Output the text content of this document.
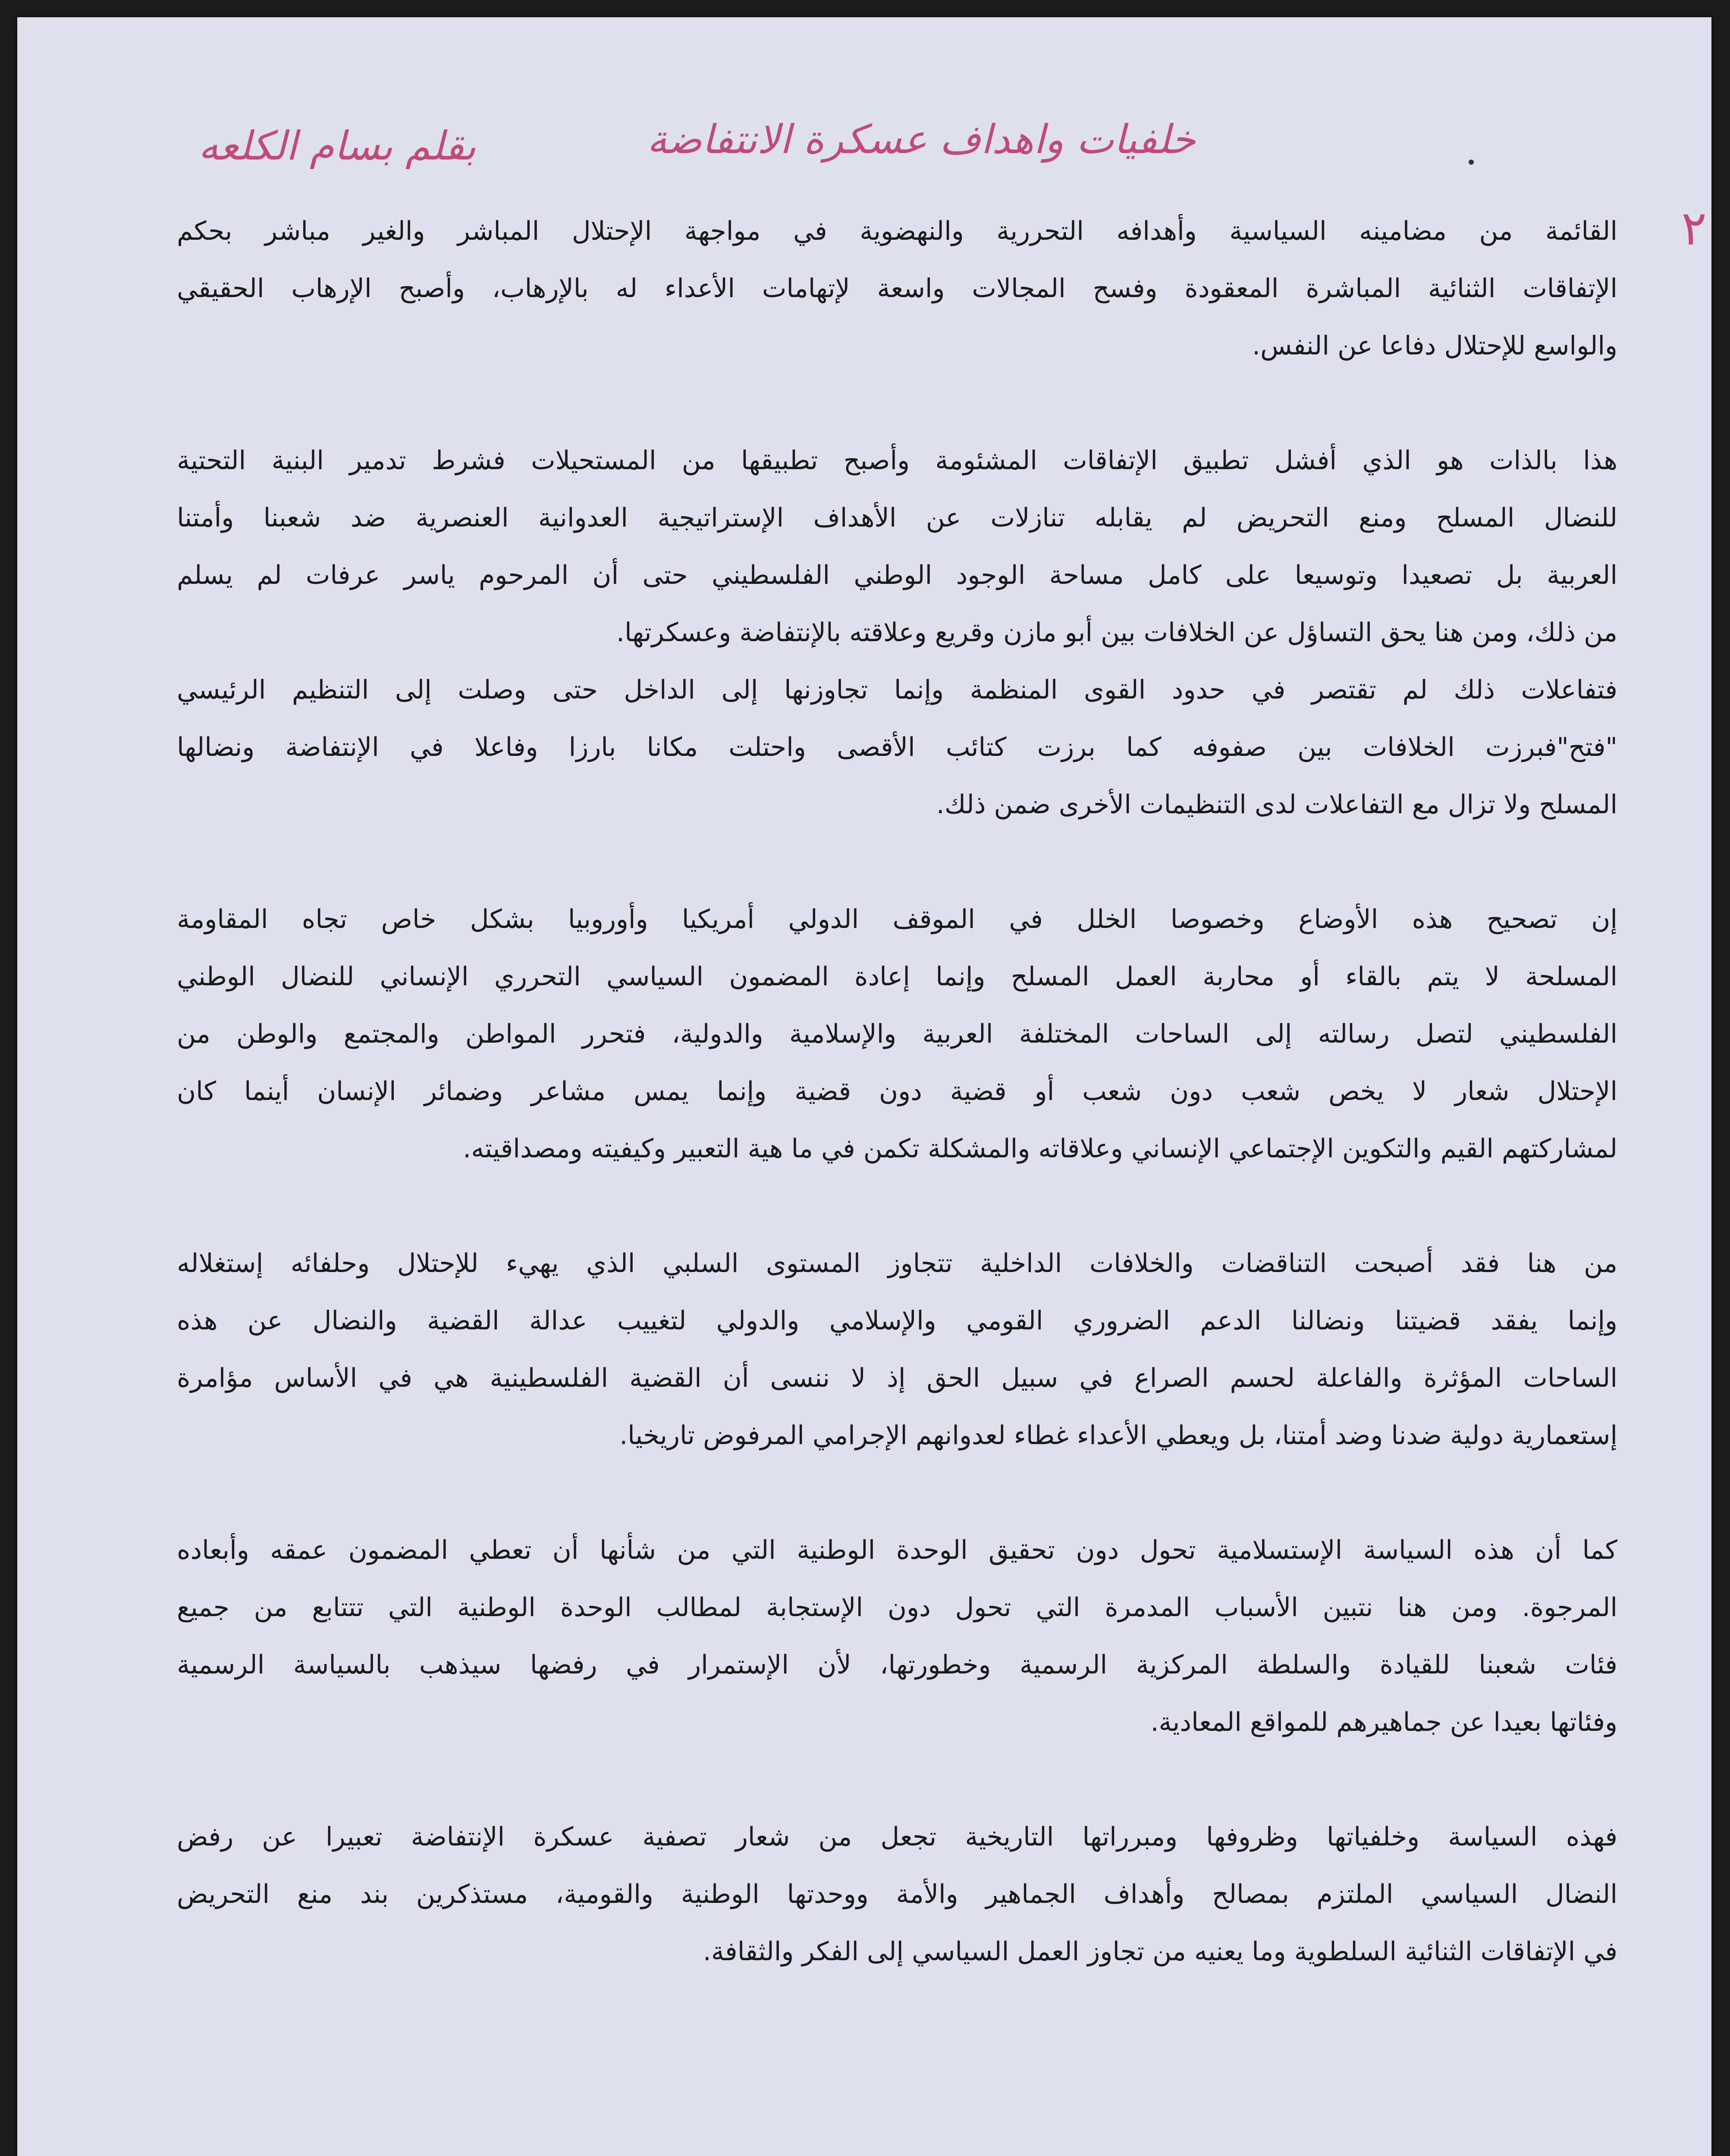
خلفيات واهداف عسكرة الانتفاضة
بقلم بسام الكلعه
٢
القائمة من مضامينه السياسية وأهدافه التحررية والنهضوية في مواجهة الإحتلال المباشر والغير مباشر بحكم
الإتفاقات الثنائية المباشرة المعقودة وفسح المجالات واسعة لإتهامات الأعداء له بالإرهاب، وأصبح الإرهاب الحقيقي
والواسع للإحتلال دفاعا عن النفس.
هذا بالذات هو الذي أفشل تطبيق الإتفاقات المشئومة وأصبح تطبيقها من المستحيلات فشرط تدمير البنية التحتية
للنضال المسلح ومنع التحريض لم يقابله تنازلات عن الأهداف الإستراتيجية العدوانية العنصرية ضد شعبنا وأمتنا
العربية بل تصعيدا وتوسيعا على كامل مساحة الوجود الوطني الفلسطيني حتى أن المرحوم ياسر عرفات لم يسلم
من ذلك، ومن هنا يحق التساؤل عن الخلافات بين أبو مازن وقريع وعلاقته بالإنتفاضة وعسكرتها.
فتفاعلات ذلك لم تقتصر في حدود القوى المنظمة وإنما تجاوزنها إلى الداخل حتى وصلت إلى التنظيم الرئيسي
"فتح"فبرزت الخلافات بين صفوفه كما برزت كتائب الأقصى واحتلت مكانا بارزا وفاعلا في الإنتفاضة ونضالها
المسلح ولا تزال مع التفاعلات لدى التنظيمات الأخرى ضمن ذلك.
إن تصحيح هذه الأوضاع وخصوصا الخلل في الموقف الدولي أمريكيا وأوروبيا بشكل خاص تجاه المقاومة
المسلحة لا يتم بالقاء أو محاربة العمل المسلح وإنما إعادة المضمون السياسي التحرري الإنساني للنضال الوطني
الفلسطيني لتصل رسالته إلى الساحات المختلفة العربية والإسلامية والدولية، فتحرر المواطن والمجتمع والوطن من
الإحتلال شعار لا يخص شعب دون شعب أو قضية دون قضية وإنما يمس مشاعر وضمائر الإنسان أينما كان
لمشاركتهم القيم والتكوين الإجتماعي الإنساني وعلاقاته والمشكلة تكمن في ما هية التعبير وكيفيته ومصداقيته.
من هنا فقد أصبحت التناقضات والخلافات الداخلية تتجاوز المستوى السلبي الذي يهيء للإحتلال وحلفائه إستغلاله
وإنما يفقد قضيتنا ونضالنا الدعم الضروري القومي والإسلامي والدولي لتغييب عدالة القضية والنضال عن هذه
الساحات المؤثرة والفاعلة لحسم الصراع في سبيل الحق إذ لا ننسى أن القضية الفلسطينية هي في الأساس مؤامرة
إستعمارية دولية ضدنا وضد أمتنا، بل ويعطي الأعداء غطاء لعدوانهم الإجرامي المرفوض تاريخيا.
كما أن هذه السياسة الإستسلامية تحول دون تحقيق الوحدة الوطنية التي من شأنها أن تعطي المضمون عمقه وأبعاده
المرجوة. ومن هنا نتبين الأسباب المدمرة التي تحول دون الإستجابة لمطالب الوحدة الوطنية التي تتتابع من جميع
فئات شعبنا للقيادة والسلطة المركزية الرسمية وخطورتها، لأن الإستمرار في رفضها سيذهب بالسياسة الرسمية
وفئاتها بعيدا عن جماهيرهم للمواقع المعادية.
فهذه السياسة وخلفياتها وظروفها ومبرراتها التاريخية تجعل من شعار تصفية عسكرة الإنتفاضة تعبيرا عن رفض
النضال السياسي الملتزم بمصالح وأهداف الجماهير والأمة ووحدتها الوطنية والقومية، مستذكرين بند منع التحريض
في الإتفاقات الثنائية السلطوية وما يعنيه من تجاوز العمل السياسي إلى الفكر والثقافة.
